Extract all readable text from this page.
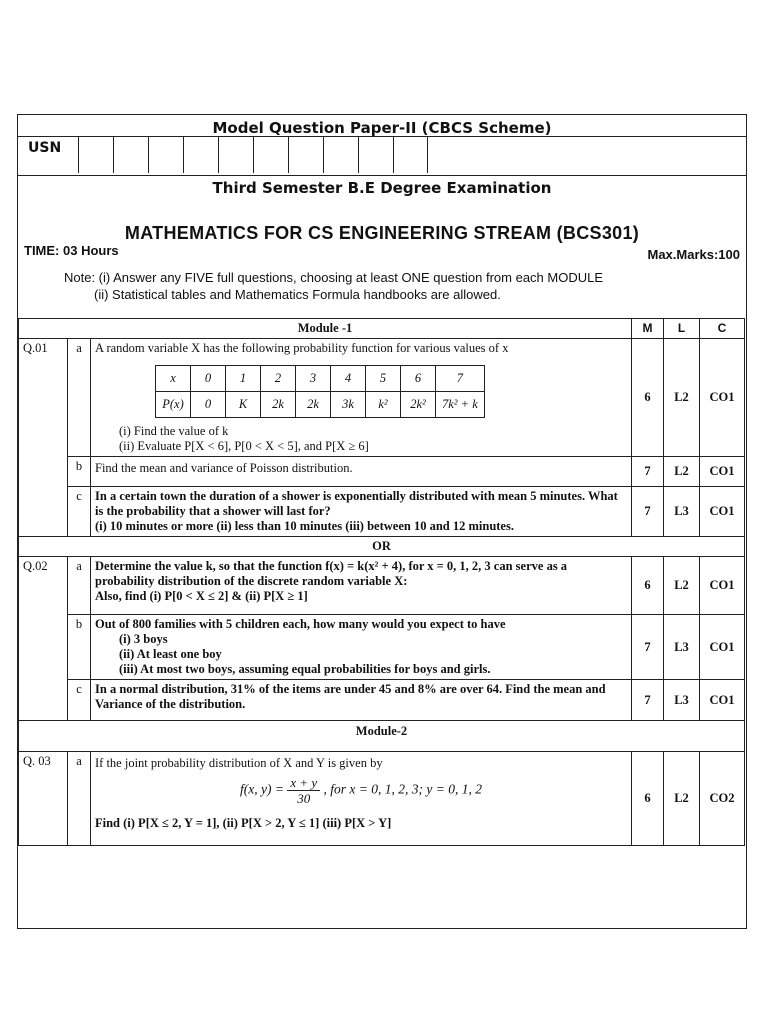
Model Question Paper-II (CBCS Scheme)
USN
Third Semester B.E Degree Examination
MATHEMATICS FOR CS ENGINEERING STREAM (BCS301)
TIME: 03 Hours	Max.Marks:100
Note: (i) Answer any FIVE full questions, choosing at least ONE question from each MODULE
(ii) Statistical tables and Mathematics Formula handbooks are allowed.
Module -1	M	L	C
Q.01	a	A random variable X has the following probability function for various values of x
x	0	1	2	3	4	5	6	7
P(x)	0	K	2k	2k	3k	k²	2k²	7k² + k
(i) Find the value of k
(ii) Evaluate P[X < 6], P[0 < X < 5], and P[X ≥ 6]
	6	L2	CO1
b	Find the mean and variance of Poisson distribution.	7	L2	CO1
c	In a certain town the duration of a shower is exponentially distributed with mean 5 minutes. What is the probability that a shower will last for?
(i) 10 minutes or more (ii) less than 10 minutes (iii) between 10 and 12 minutes.
	7	L3	CO1
OR
Q.02	a	Determine the value k, so that the function f(x) = k(x² + 4), for x = 0, 1, 2, 3 can serve as a probability distribution of the discrete random variable X:
Also, find (i) P[0 < X ≤ 2] & (ii) P[X ≥ 1]
	6	L2	CO1
b	Out of 800 families with 5 children each, how many would you expect to have
(i) 3 boys
(ii) At least one boy
(iii) At most two boys, assuming equal probabilities for boys and girls.
	7	L3	CO1
c	In a normal distribution, 31% of the items are under 45 and 8% are over 64. Find the mean and Variance of the distribution.	7	L3	CO1
Module-2
Q. 03	a	If the joint probability distribution of X and Y is given by
f(x, $y) = \frac{x + y}{30}$ , for x = 0, 1, 2, 3; y = 0, 1, 2
Find (i) P[X ≤ 2, Y = 1], (ii) P[X > 2, Y ≤ 1] (iii) P[X > Y]
	6	L2	CO2
